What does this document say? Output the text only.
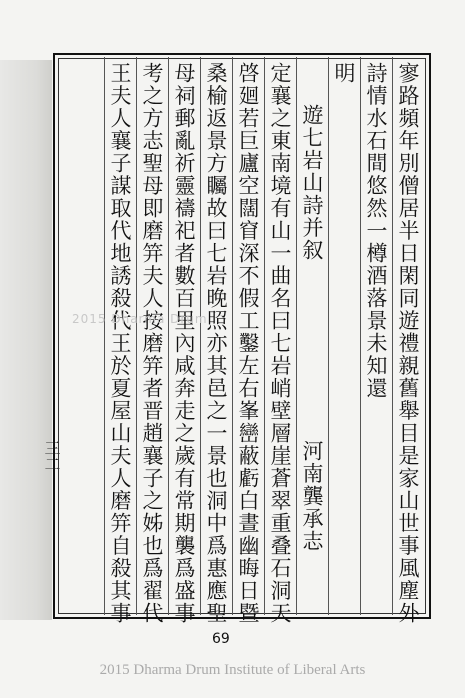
三二	寥路頻年別僧居半日閑同遊禮親舊舉目是家山世事風塵外
詩情水石間悠然一樽酒落景未知還
明
遊七岩山詩并叙
河南龔承志
定襄之東南境有山一曲名曰七岩峭壁層崖蒼翠重叠石洞天
啓廻若巨廬空闊窅深不假工鑿左右峯巒蔽虧白晝幽晦日暨
桑榆返景方矚故曰七岩晚照亦其邑之一景也洞中爲惠應聖
母祠郵亂祈靈禱祀者數百里內咸奔走之歲有常期襲爲盛事
考之方志聖母即磨笄夫人按磨笄者晋趙襄子之姊也爲翟代
王夫人襄子謀取代地誘殺代王於夏屋山夫人磨笄自殺其事
2015 Dharma Drum
69
2015 Dharma Drum Institute of Liberal Arts
